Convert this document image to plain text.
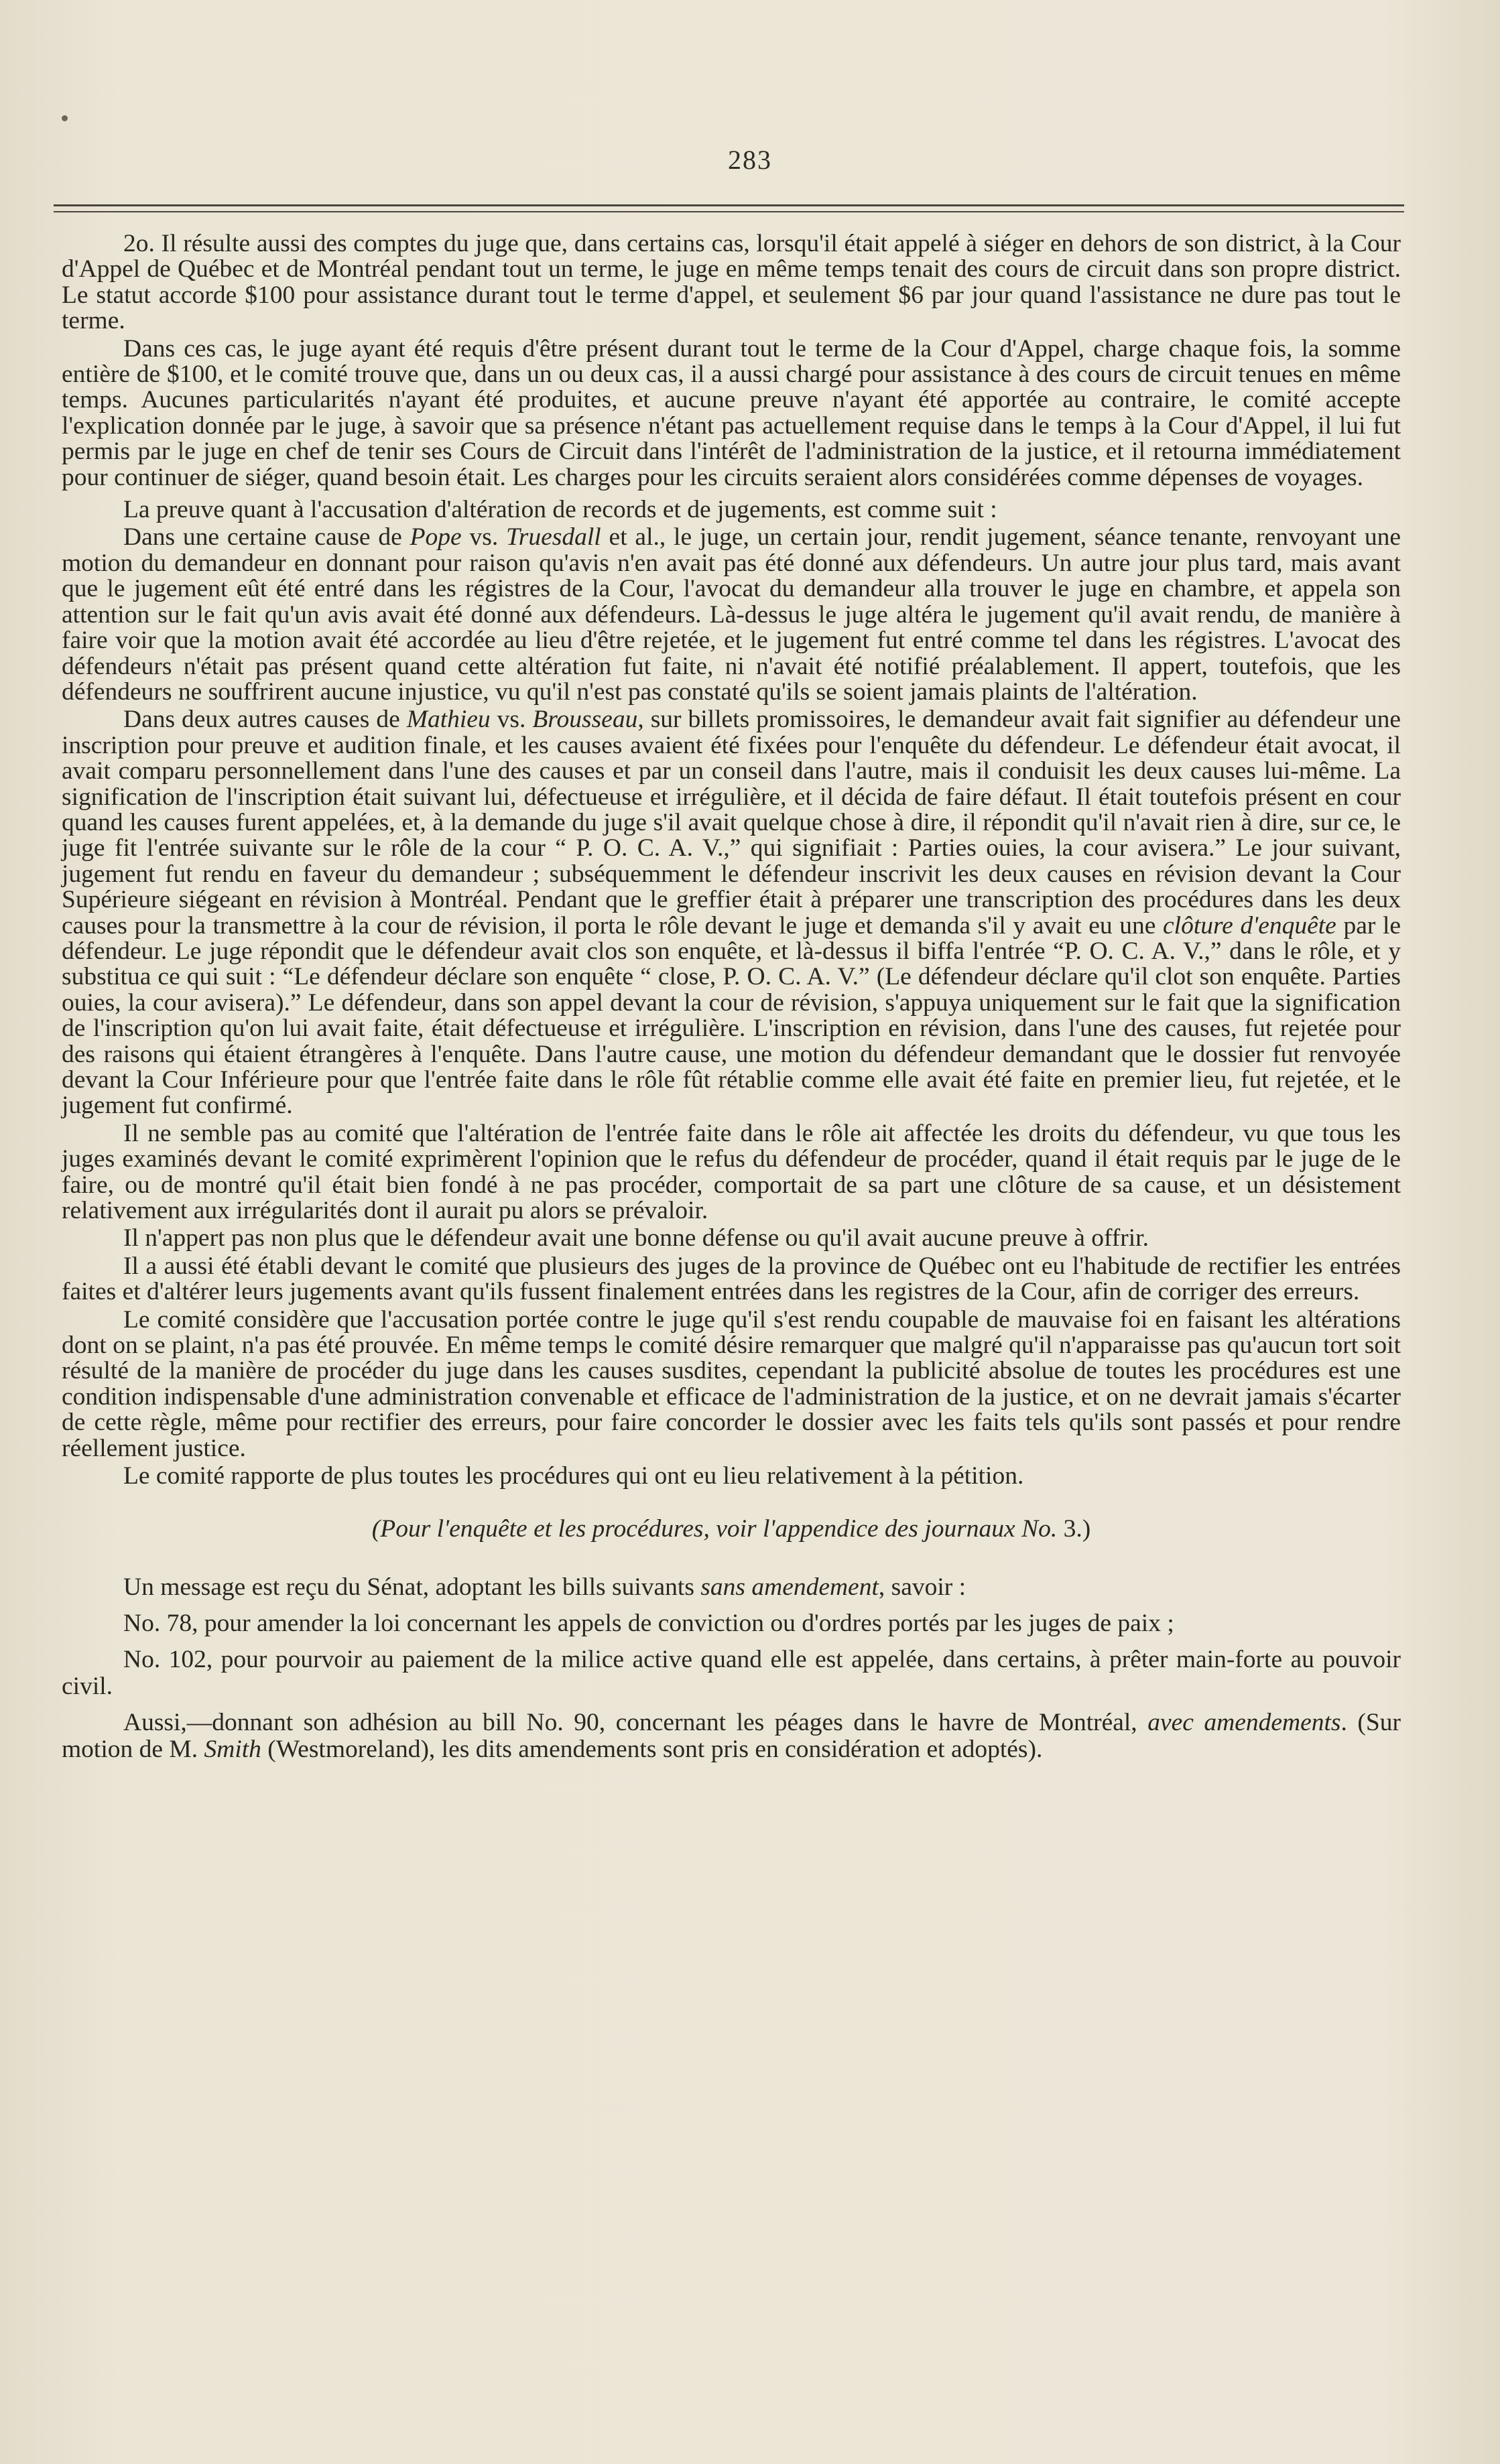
283

2o. Il résulte aussi des comptes du juge que, dans certains cas, lorsqu'il était appelé à siéger en dehors de son district, à la Cour d'Appel de Québec et de Montréal pendant tout un terme, le juge en même temps tenait des cours de circuit dans son propre district. Le statut accorde $100 pour assistance durant tout le terme d'appel, et seulement $6 par jour quand l'assistance ne dure pas tout le terme.

Dans ces cas, le juge ayant été requis d'être présent durant tout le terme de la Cour d'Appel, charge chaque fois, la somme entière de $100, et le comité trouve que, dans un ou deux cas, il a aussi chargé pour assistance à des cours de circuit tenues en même temps. Aucunes particularités n'ayant été produites, et aucune preuve n'ayant été apportée au contraire, le comité accepte l'explication donnée par le juge, à savoir que sa présence n'étant pas actuellement requise dans le temps à la Cour d'Appel, il lui fut permis par le juge en chef de tenir ses Cours de Circuit dans l'intérêt de l'administration de la justice, et il retourna immédiatement pour continuer de siéger, quand besoin était. Les charges pour les circuits seraient alors considérées comme dépenses de voyages.

La preuve quant à l'accusation d'altération de records et de jugements, est comme suit :

Dans une certaine cause de Pope vs. Truesdall et al., le juge, un certain jour, rendit jugement, séance tenante, renvoyant une motion du demandeur en donnant pour raison qu'avis n'en avait pas été donné aux défendeurs. Un autre jour plus tard, mais avant que le jugement eût été entré dans les régistres de la Cour, l'avocat du demandeur alla trouver le juge en chambre, et appela son attention sur le fait qu'un avis avait été donné aux défendeurs. Là-dessus le juge altéra le jugement qu'il avait rendu, de manière à faire voir que la motion avait été accordée au lieu d'être rejetée, et le jugement fut entré comme tel dans les régistres. L'avocat des défendeurs n'était pas présent quand cette altération fut faite, ni n'avait été notifié préalablement. Il appert, toutefois, que les défendeurs ne souffrirent aucune injustice, vu qu'il n'est pas constaté qu'ils se soient jamais plaints de l'altération.

Dans deux autres causes de Mathieu vs. Brousseau, sur billets promissoires, le demandeur avait fait signifier au défendeur une inscription pour preuve et audition finale, et les causes avaient été fixées pour l'enquête du défendeur. Le défendeur était avocat, il avait comparu personnellement dans l'une des causes et par un conseil dans l'autre, mais il conduisit les deux causes lui-même. La signification de l'inscription était suivant lui, défectueuse et irrégulière, et il décida de faire défaut. Il était toutefois présent en cour quand les causes furent appelées, et, à la demande du juge s'il avait quelque chose à dire, il répondit qu'il n'avait rien à dire, sur ce, le juge fit l'entrée suivante sur le rôle de la cour “ P. O. C. A. V.,” qui signifiait : Parties ouies, la cour avisera.” Le jour suivant, jugement fut rendu en faveur du demandeur ; subséquemment le défendeur inscrivit les deux causes en révision devant la Cour Supérieure siégeant en révision à Montréal. Pendant que le greffier était à préparer une transcription des procédures dans les deux causes pour la transmettre à la cour de révision, il porta le rôle devant le juge et demanda s'il y avait eu une clôture d'enquête par le défendeur. Le juge répondit que le défendeur avait clos son enquête, et là-dessus il biffa l'entrée “P. O. C. A. V.,” dans le rôle, et y substitua ce qui suit : “Le défendeur déclare son enquête “ close, P. O. C. A. V.” (Le défendeur déclare qu'il clot son enquête. Parties ouies, la cour avisera).” Le défendeur, dans son appel devant la cour de révision, s'appuya uniquement sur le fait que la signification de l'inscription qu'on lui avait faite, était défectueuse et irrégulière. L'inscription en révision, dans l'une des causes, fut rejetée pour des raisons qui étaient étrangères à l'enquête. Dans l'autre cause, une motion du défendeur demandant que le dossier fut renvoyée devant la Cour Inférieure pour que l'entrée faite dans le rôle fût rétablie comme elle avait été faite en premier lieu, fut rejetée, et le jugement fut confirmé.

Il ne semble pas au comité que l'altération de l'entrée faite dans le rôle ait affectée les droits du défendeur, vu que tous les juges examinés devant le comité exprimèrent l'opinion que le refus du défendeur de procéder, quand il était requis par le juge de le faire, ou de montré qu'il était bien fondé à ne pas procéder, comportait de sa part une clôture de sa cause, et un désistement relativement aux irrégularités dont il aurait pu alors se prévaloir.

Il n'appert pas non plus que le défendeur avait une bonne défense ou qu'il avait aucune preuve à offrir.

Il a aussi été établi devant le comité que plusieurs des juges de la province de Québec ont eu l'habitude de rectifier les entrées faites et d'altérer leurs jugements avant qu'ils fussent finalement entrées dans les registres de la Cour, afin de corriger des erreurs.

Le comité considère que l'accusation portée contre le juge qu'il s'est rendu coupable de mauvaise foi en faisant les altérations dont on se plaint, n'a pas été prouvée. En même temps le comité désire remarquer que malgré qu'il n'apparaisse pas qu'aucun tort soit résulté de la manière de procéder du juge dans les causes susdites, cependant la publicité absolue de toutes les procédures est une condition indispensable d'une administration convenable et efficace de l'administration de la justice, et on ne devrait jamais s'écarter de cette règle, même pour rectifier des erreurs, pour faire concorder le dossier avec les faits tels qu'ils sont passés et pour rendre réellement justice.

Le comité rapporte de plus toutes les procédures qui ont eu lieu relativement à la pétition.

(Pour l'enquête et les procédures, voir l'appendice des journaux No. 3.)

Un message est reçu du Sénat, adoptant les bills suivants sans amendement, savoir :

No. 78, pour amender la loi concernant les appels de conviction ou d'ordres portés par les juges de paix ;

No. 102, pour pourvoir au paiement de la milice active quand elle est appelée, dans certains, à prêter main-forte au pouvoir civil.

Aussi,—donnant son adhésion au bill No. 90, concernant les péages dans le havre de Montréal, avec amendements. (Sur motion de M. Smith (Westmoreland), les dits amendements sont pris en considération et adoptés).
